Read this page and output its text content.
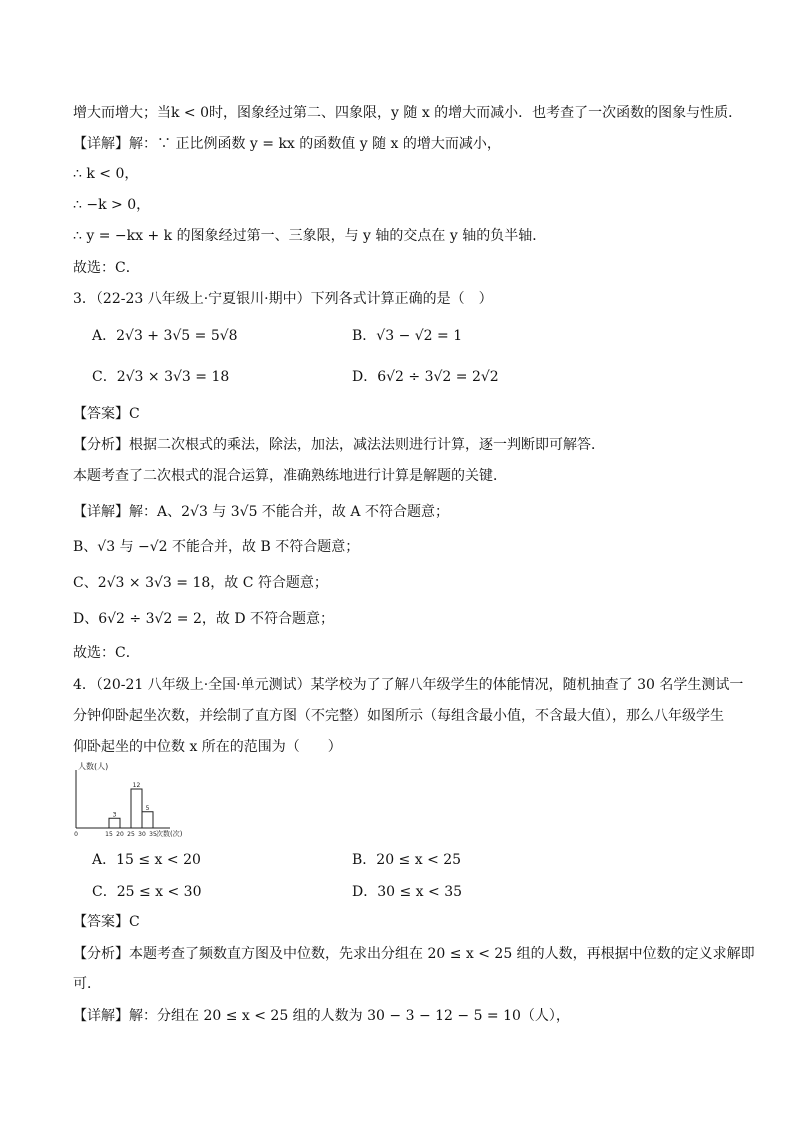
增大而增大；当k < 0时，图象经过第二、四象限，y 随 x 的增大而减小．也考查了一次函数的图象与性质．
【详解】解：∵ 正比例函数 y = kx 的函数值 y 随 x 的增大而减小，
∴ k < 0，
∴ −k > 0，
∴ y = −kx + k 的图象经过第一、三象限，与 y 轴的交点在 y 轴的负半轴．
故选：C．
3．（22-23 八年级上·宁夏银川·期中）下列各式计算正确的是（　）
A．2√3 + 3√5 = 5√8	B．√3 − √2 = 1
C．2√3 × 3√3 = 18	D．6√2 ÷ 3√2 = 2√2
【答案】C
【分析】根据二次根式的乘法，除法，加法，减法法则进行计算，逐一判断即可解答．
本题考查了二次根式的混合运算，准确熟练地进行计算是解题的关键．
【详解】解：A、2√3 与 3√5 不能合并，故 A 不符合题意；
B、√3 与 −√2 不能合并，故 B 不符合题意；
C、2√3 × 3√3 = 18，故 C 符合题意；
D、6√2 ÷ 3√2 = 2，故 D 不符合题意；
故选：C．
4．（20-21 八年级上·全国·单元测试）某学校为了了解八年级学生的体能情况，随机抽查了 30 名学生测试一
分钟仰卧起坐次数，并绘制了直方图（不完整）如图所示（每组含最小值，不含最大值），那么八年级学生
仰卧起坐的中位数 x 所在的范围为（　　）
人数(人)
3
12
5
0	15 20 25 30 35 次数(次)
A．15 ≤ x < 20	B．20 ≤ x < 25
C．25 ≤ x < 30	D．30 ≤ x < 35
【答案】C
【分析】本题考查了频数直方图及中位数，先求出分组在 20 ≤ x < 25 组的人数，再根据中位数的定义求解即
可．
【详解】解：分组在 20 ≤ x < 25 组的人数为 30 − 3 − 12 − 5 = 10（人），
